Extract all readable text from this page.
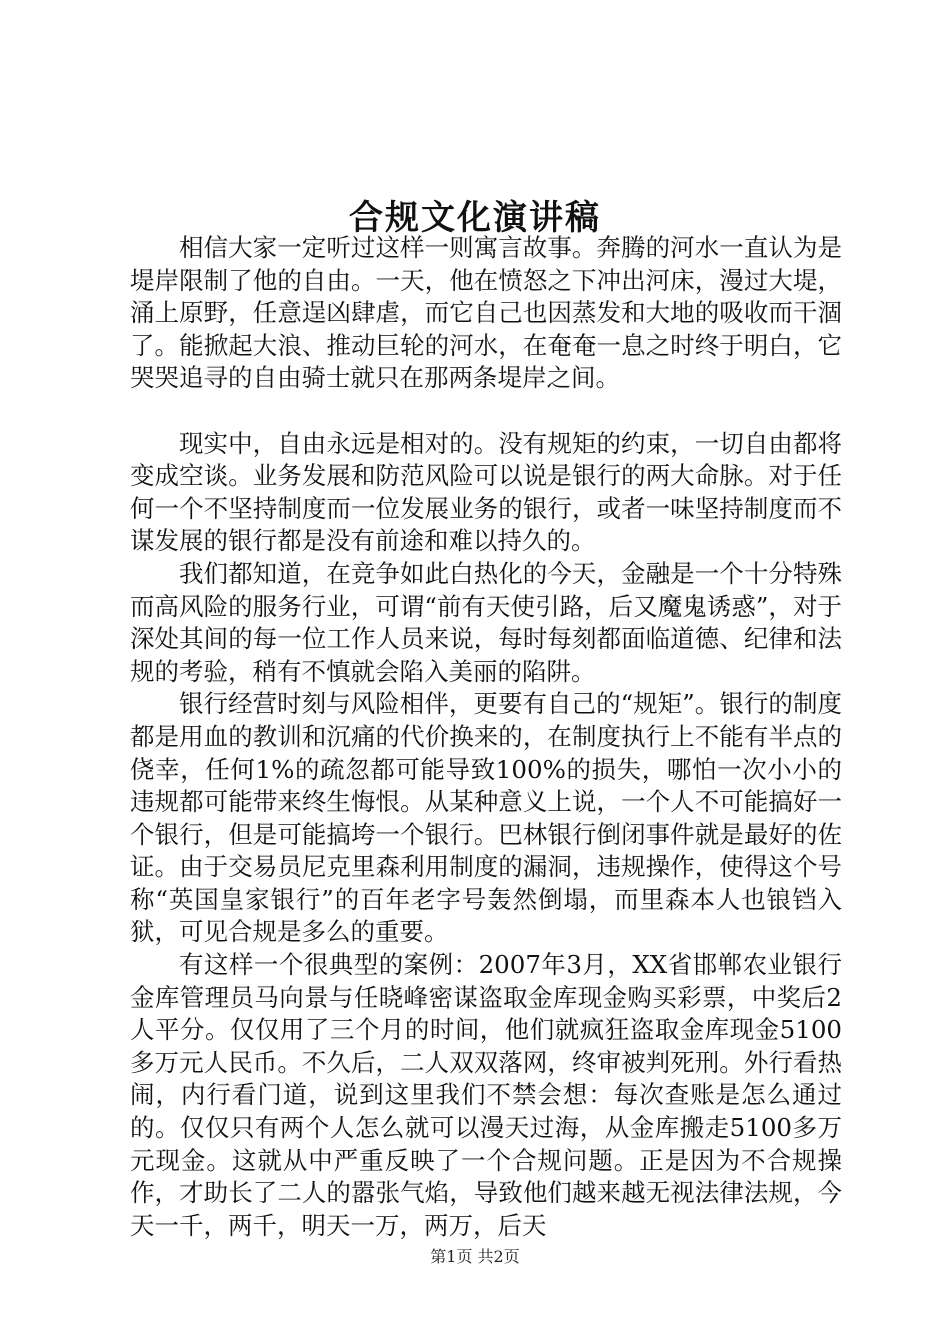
合规文化演讲稿

相信大家一定听过这样一则寓言故事。奔腾的河水一直认为是堤岸限制了他的自由。一天，他在愤怒之下冲出河床，漫过大堤，涌上原野，任意逞凶肆虐，而它自己也因蒸发和大地的吸收而干涸了。能掀起大浪、推动巨轮的河水，在奄奄一息之时终于明白，它哭哭追寻的自由骑士就只在那两条堤岸之间。

现实中，自由永远是相对的。没有规矩的约束，一切自由都将变成空谈。业务发展和防范风险可以说是银行的两大命脉。对于任何一个不坚持制度而一位发展业务的银行，或者一味坚持制度而不谋发展的银行都是没有前途和难以持久的。

我们都知道，在竞争如此白热化的今天，金融是一个十分特殊而高风险的服务行业，可谓“前有天使引路，后又魔鬼诱惑”，对于深处其间的每一位工作人员来说，每时每刻都面临道德、纪律和法规的考验，稍有不慎就会陷入美丽的陷阱。

银行经营时刻与风险相伴，更要有自己的“规矩”。银行的制度都是用血的教训和沉痛的代价换来的，在制度执行上不能有半点的侥幸，任何1%的疏忽都可能导致100%的损失，哪怕一次小小的违规都可能带来终生悔恨。从某种意义上说，一个人不可能搞好一个银行，但是可能搞垮一个银行。巴林银行倒闭事件就是最好的佐证。由于交易员尼克里森利用制度的漏洞，违规操作，使得这个号称“英国皇家银行”的百年老字号轰然倒塌，而里森本人也锒铛入狱，可见合规是多么的重要。

有这样一个很典型的案例：2007年3月，XX省邯郸农业银行金库管理员马向景与任晓峰密谋盗取金库现金购买彩票，中奖后2人平分。仅仅用了三个月的时间，他们就疯狂盗取金库现金5100多万元人民币。不久后，二人双双落网，终审被判死刑。外行看热闹，内行看门道，说到这里我们不禁会想：每次查账是怎么通过的。仅仅只有两个人怎么就可以漫天过海，从金库搬走5100多万元现金。这就从中严重反映了一个合规问题。正是因为不合规操作，才助长了二人的嚣张气焰，导致他们越来越无视法律法规，今天一千，两千，明天一万，两万，后天

第1页 共2页
